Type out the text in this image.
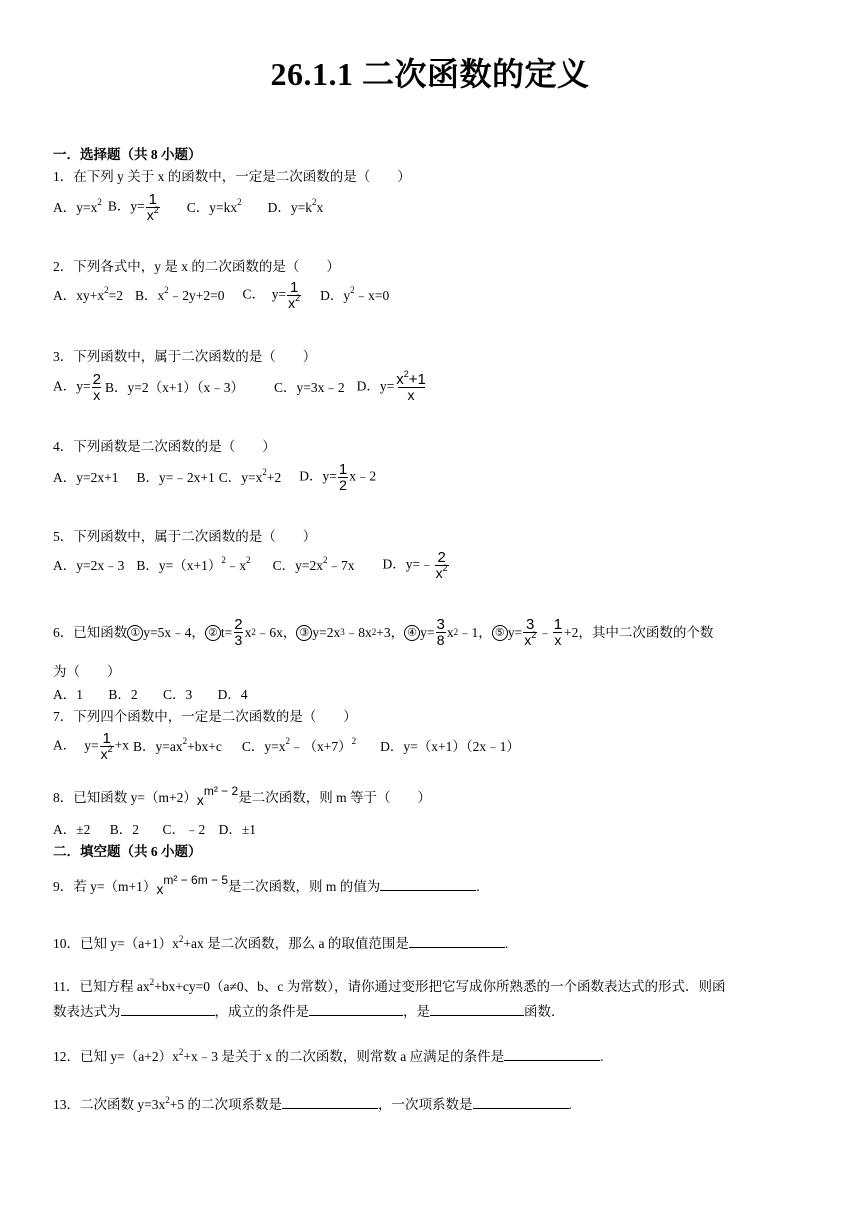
26.1.1 二次函数的定义
一．选择题（共 8 小题）
1．在下列 y 关于 x 的函数中，一定是二次函数的是（　　）
A．$y=x^2$ B．$y= \frac{1}{x^2}$ C．$y=kx^2$ D．$y=k^2x$
2．下列各式中，y 是 x 的二次函数的是（　　）
A．$xy+x^2=2$ B．$x^2﹣2y+2=0$ C．　$y= \frac{1}{x^2}$ D．$y^2﹣x=0$
3．下列函数中，属于二次函数的是（　　）
A．$y= \frac{2}{x}$ B．y=2（x+1）（x﹣3） C．y=3x﹣2 D．$y= \frac{x^2+1}{x}$
4．下列函数是二次函数的是（　　）
A．y=2x+1 B．y=﹣2x+1 C．$y=x^2+2$ D．$y= \frac{1}{2}$ x﹣2
5．下列函数中，属于二次函数的是（　　）
A．y=2x﹣3 B．$y=(x+1)^2﹣x^2$ C．$y=2x^2﹣7x$ D．y=﹣ $\frac{2}{x^2}$
6．已知函数 ① y=5x﹣4， ② $t= \frac{2}{3} x^2$ ﹣6x， ③ $y=2x^3$ $﹣8x^2 +3$， ④ $y= \frac{3}{8} x^2$ ﹣1， ⑤ $y= \frac{3}{x^2}$ ﹣ $\frac{1}{x} +2$，其中二次函数的个数
为（　　）
A．1 B．2 C．3 D．4
7．下列四个函数中，一定是二次函数的是（　　）
A． $y= \frac{1}{x^2} +x$ B．$y=ax^2+bx+c$ C．$y=x^2﹣(x+7)^2$ D．y=（x+1）（2x﹣1）
8．已知函数 y=（m+2）xm² − 2是二次函数，则 m 等于（　　）
A．±2 B．2 C．﹣2 D．±1
二．填空题（共 6 小题）
9．若 y=（m+1）xm² − 6m − 5是二次函数，则 m 的值为	.
10．已知 $y=(a+1)x^2+ax$ 是二次函数，那么 a 的取值范围是	.
11．已知方程 $ax^2+bx+cy=0(a\ne 0$、b、c 为常数），请你通过变形把它写成你所熟悉的一个函数表达式的形式．则函
数表达式为	，成立的条件是	，是	函数．
12．已知 $y=(a+2)x^2+x﹣3$ 是关于 x 的二次函数，则常数 a 应满足的条件是	.
13．二次函数 $y=3x^2+5$ 的二次项系数是	，一次项系数是	.
